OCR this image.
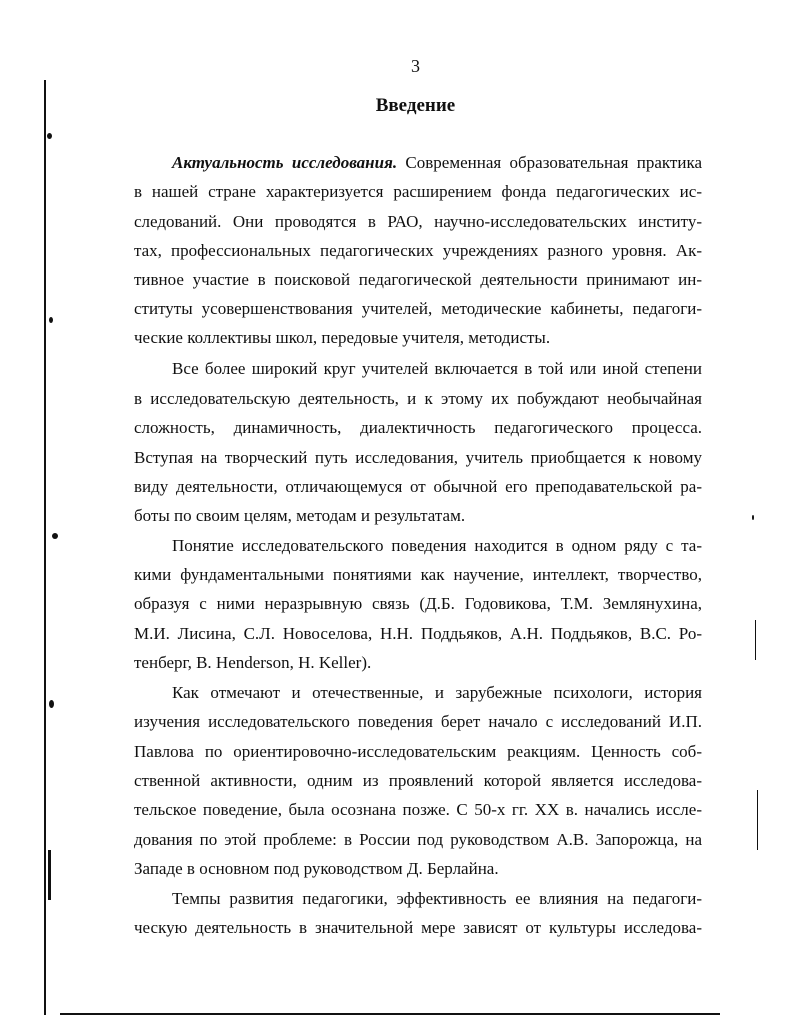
3
Введение
Актуальность исследования. Современная образовательная практика
в нашей стране характеризуется расширением фонда педагогических ис-
следований. Они проводятся в РАО, научно-исследовательских институ-
тах, профессиональных педагогических учреждениях разного уровня. Ак-
тивное участие в поисковой педагогической деятельности принимают ин-
ституты усовершенствования учителей, методические кабинеты, педагоги-
ческие коллективы школ, передовые учителя, методисты.
Все более широкий круг учителей включается в той или иной степени
в исследовательскую деятельность, и к этому их побуждают необычайная
сложность, динамичность, диалектичность педагогического процесса.
Вступая на творческий путь исследования, учитель приобщается к новому
виду деятельности, отличающемуся от обычной его преподавательской ра-
боты по своим целям, методам и результатам.
Понятие исследовательского поведения находится в одном ряду с та-
кими фундаментальными понятиями как научение, интеллект, творчество,
образуя с ними неразрывную связь (Д.Б. Годовикова, Т.М. Землянухина,
М.И. Лисина, С.Л. Новоселова, Н.Н. Поддьяков, А.Н. Поддьяков, В.С. Ро-
тенберг, B. Henderson, H. Keller).
Как отмечают и отечественные, и зарубежные психологи, история
изучения исследовательского поведения берет начало с исследований И.П.
Павлова по ориентировочно-исследовательским реакциям. Ценность соб-
ственной активности, одним из проявлений которой является исследова-
тельское поведение, была осознана позже. С 50-х гг. XX в. начались иссле-
дования по этой проблеме: в России под руководством А.В. Запорожца, на
Западе в основном под руководством Д. Берлайна.
Темпы развития педагогики, эффективность ее влияния на педагоги-
ческую деятельность в значительной мере зависят от культуры исследова-
